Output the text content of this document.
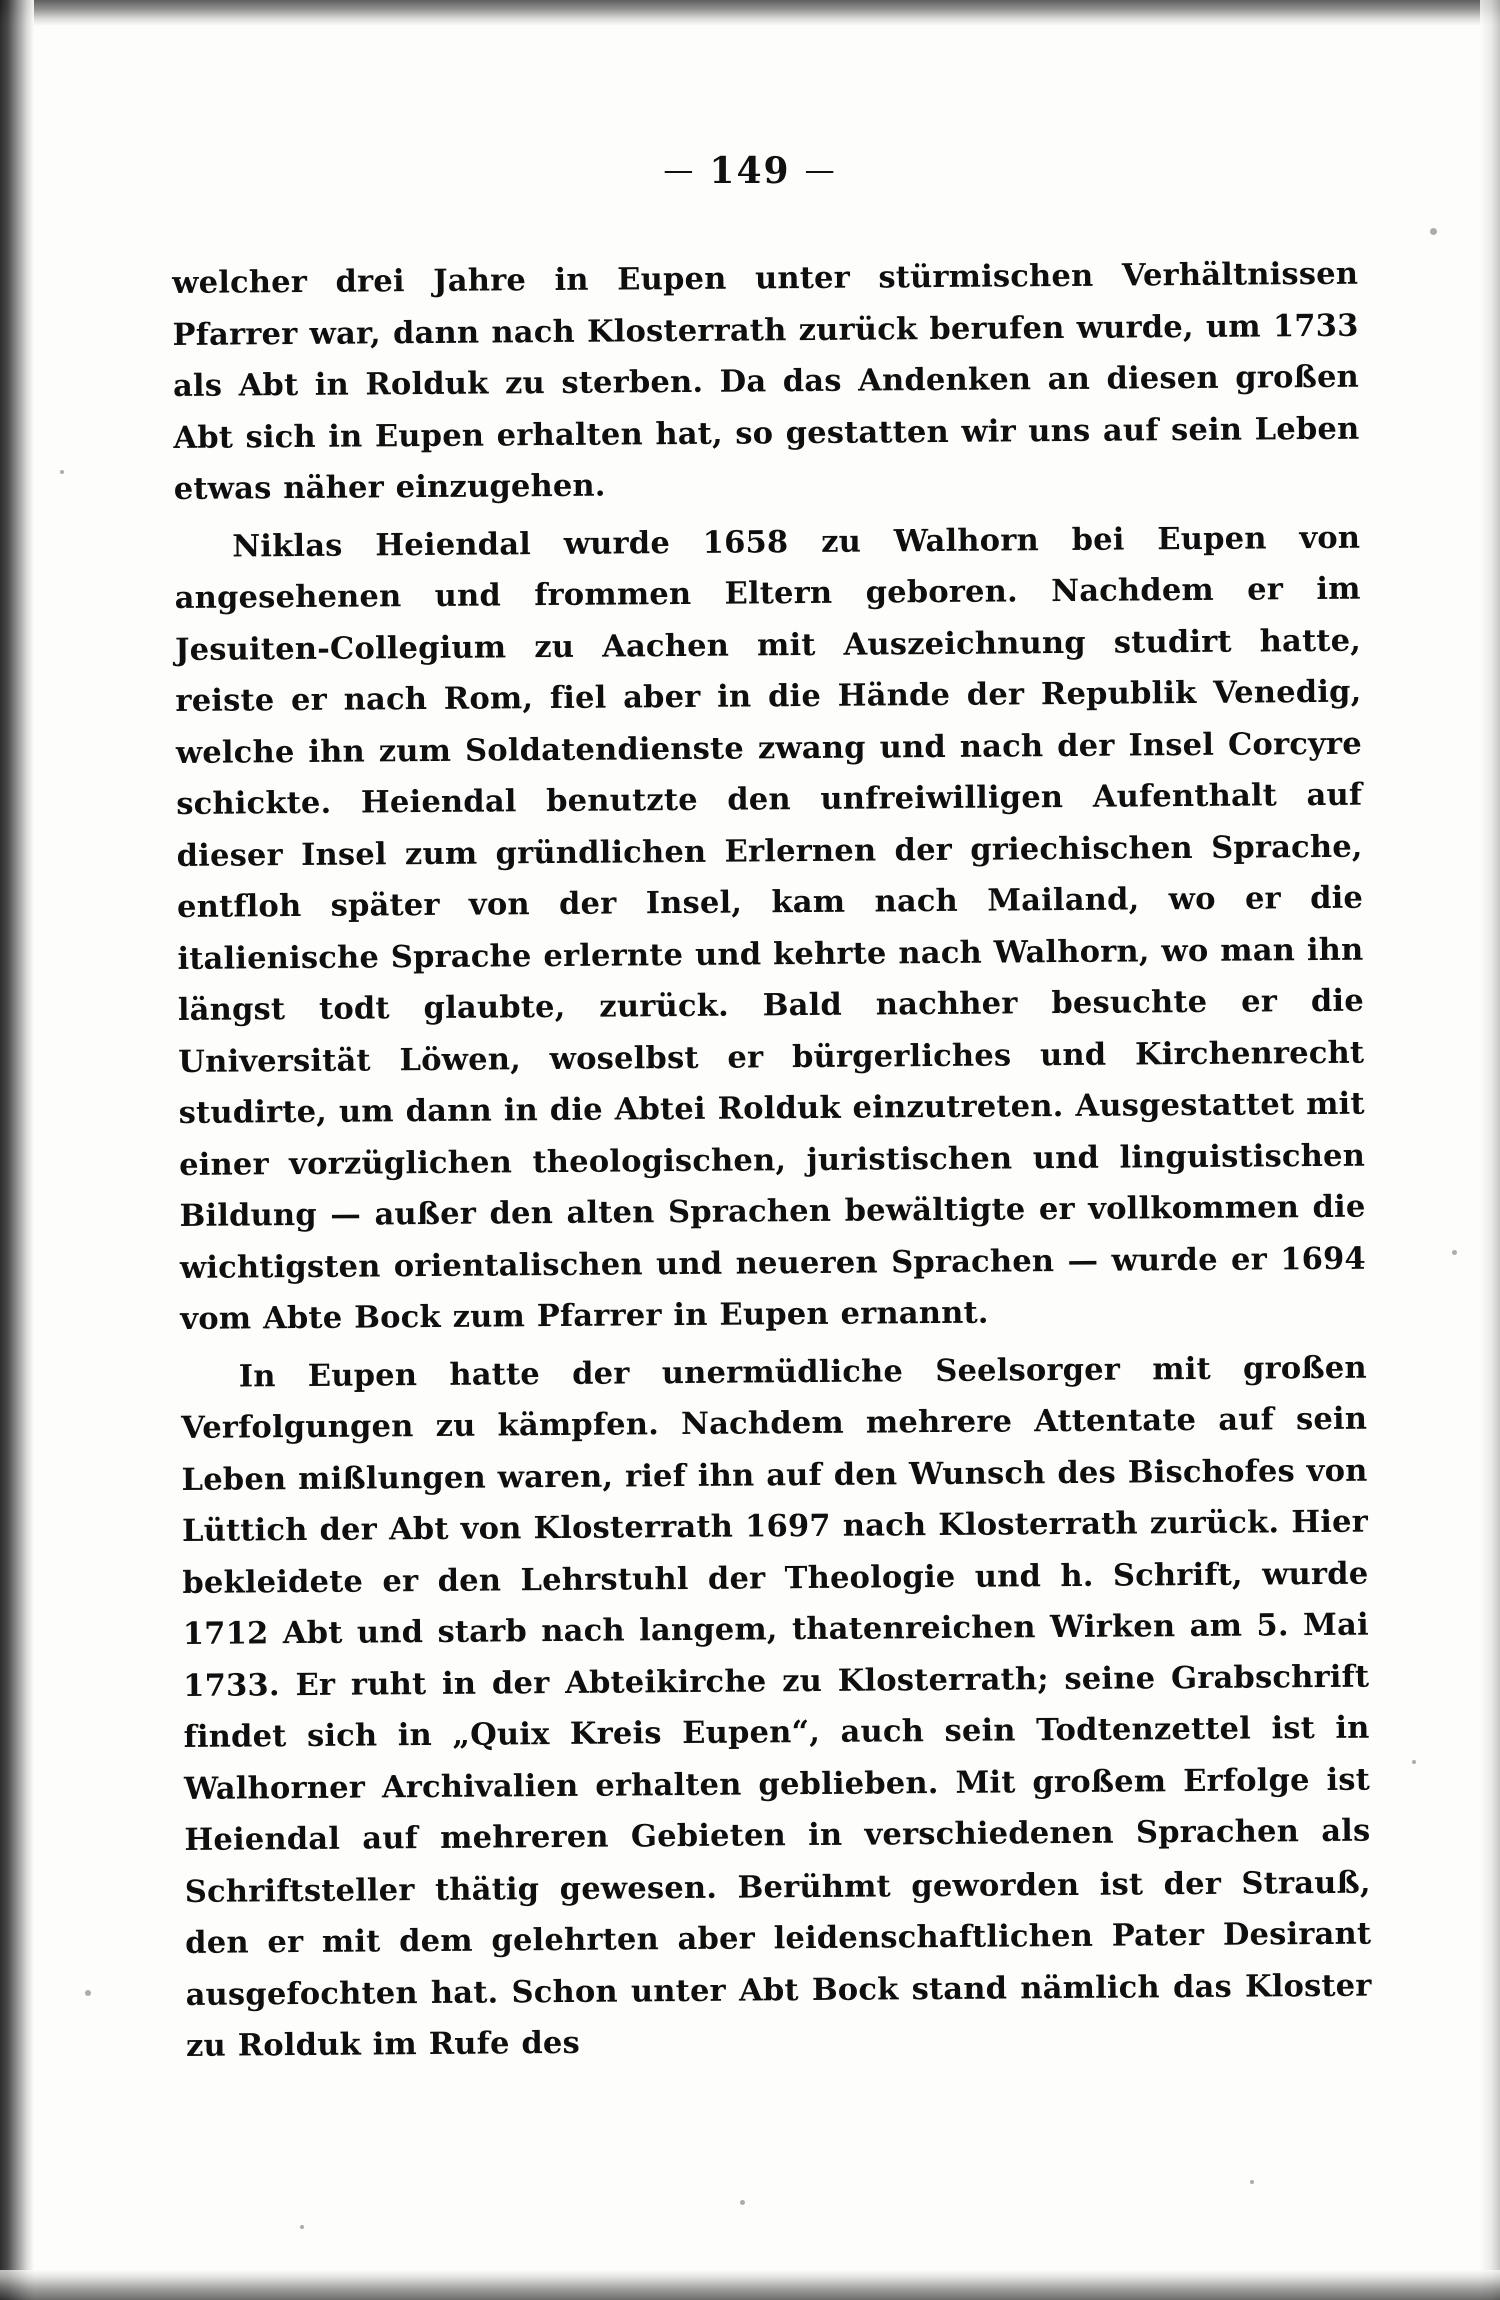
— 149 —

welcher drei Jahre in Eupen unter stürmischen Verhältnissen Pfarrer war, dann nach Klosterrath zurück berufen wurde, um 1733 als Abt in Rolduk zu sterben. Da das Andenken an diesen großen Abt sich in Eupen erhalten hat, so gestatten wir uns auf sein Leben etwas näher einzugehen.

Niklas Heiendal wurde 1658 zu Walhorn bei Eupen von angesehenen und frommen Eltern geboren. Nachdem er im Jesuiten-Collegium zu Aachen mit Auszeichnung studirt hatte, reiste er nach Rom, fiel aber in die Hände der Republik Venedig, welche ihn zum Soldatendienste zwang und nach der Insel Corcyre schickte. Heiendal benutzte den unfreiwilligen Aufenthalt auf dieser Insel zum gründlichen Erlernen der griechischen Sprache, entfloh später von der Insel, kam nach Mailand, wo er die italienische Sprache erlernte und kehrte nach Walhorn, wo man ihn längst todt glaubte, zurück. Bald nachher besuchte er die Universität Löwen, woselbst er bürgerliches und Kirchenrecht studirte, um dann in die Abtei Rolduk einzutreten. Ausgestattet mit einer vorzüglichen theologischen, juristischen und linguistischen Bildung — außer den alten Sprachen bewältigte er vollkommen die wichtigsten orientalischen und neueren Sprachen — wurde er 1694 vom Abte Bock zum Pfarrer in Eupen ernannt.

In Eupen hatte der unermüdliche Seelsorger mit großen Verfolgungen zu kämpfen. Nachdem mehrere Attentate auf sein Leben mißlungen waren, rief ihn auf den Wunsch des Bischofes von Lüttich der Abt von Klosterrath 1697 nach Klosterrath zurück. Hier bekleidete er den Lehrstuhl der Theologie und h. Schrift, wurde 1712 Abt und starb nach langem, thatenreichen Wirken am 5. Mai 1733. Er ruht in der Abteikirche zu Klosterrath; seine Grabschrift findet sich in „Quix Kreis Eupen“, auch sein Todtenzettel ist in Walhorner Archivalien erhalten geblieben. Mit großem Erfolge ist Heiendal auf mehreren Gebieten in verschiedenen Sprachen als Schriftsteller thätig gewesen. Berühmt geworden ist der Strauß, den er mit dem gelehrten aber leidenschaftlichen Pater Desirant ausgefochten hat. Schon unter Abt Bock stand nämlich das Kloster zu Rolduk im Rufe des
